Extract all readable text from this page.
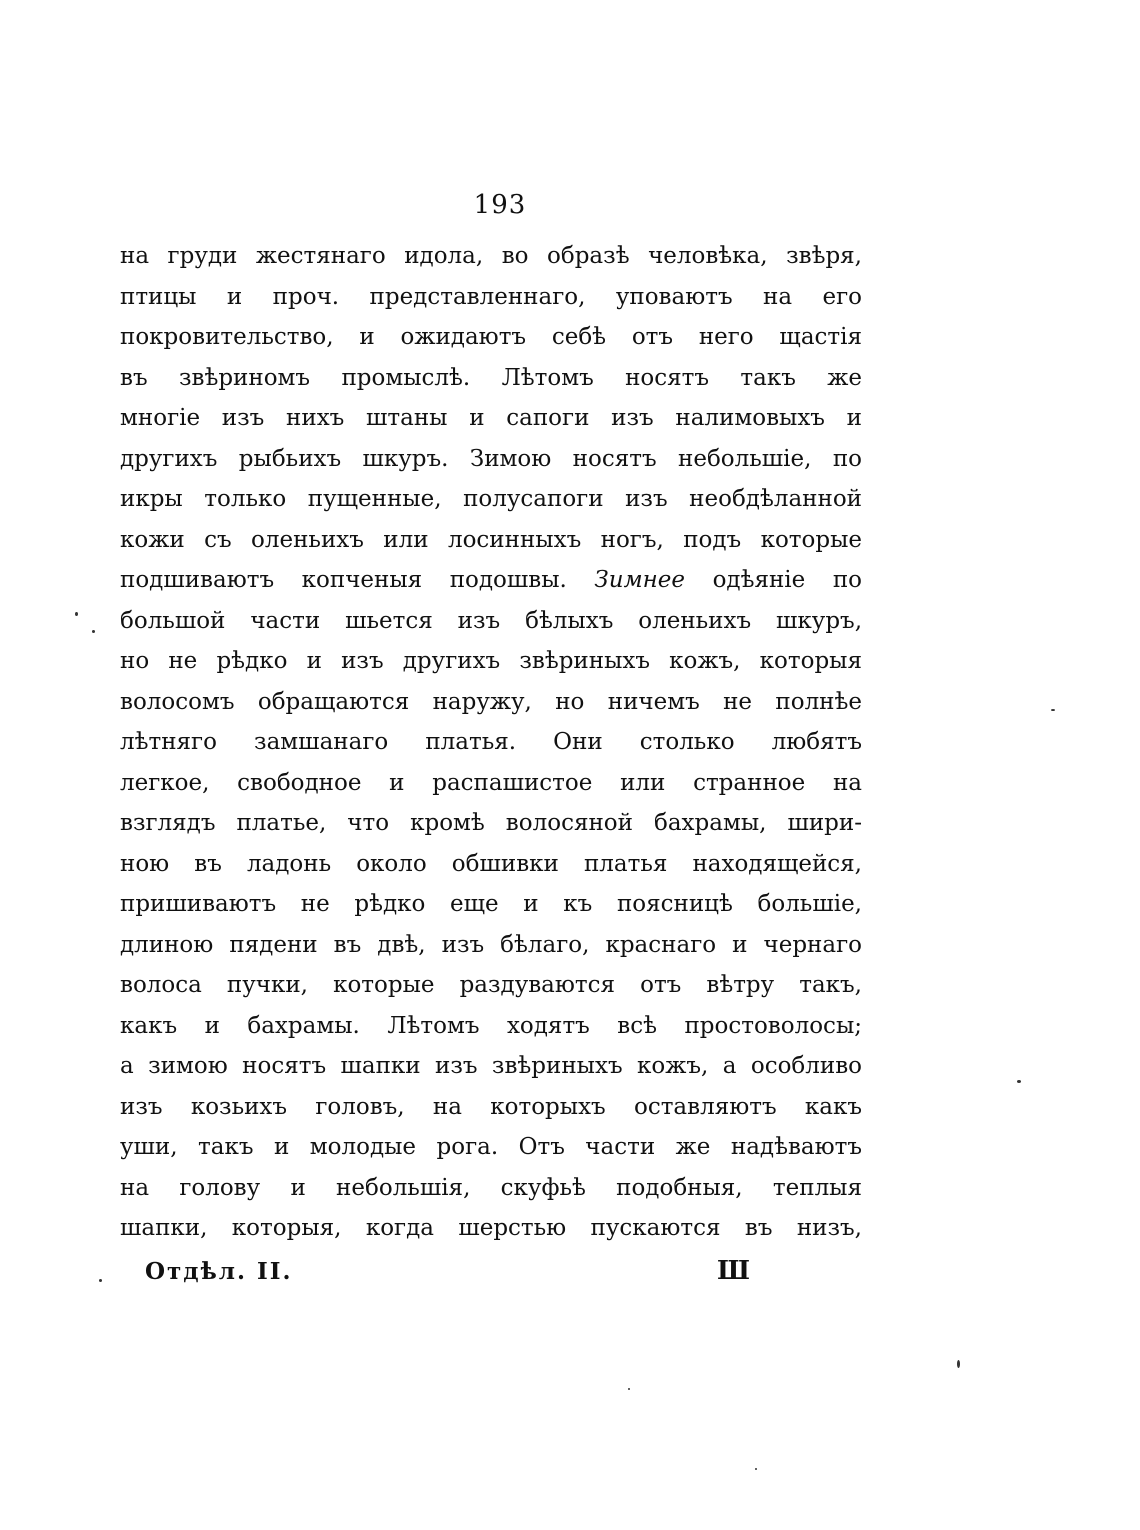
193
на груди жестянаго идола, во образѣ человѣка, звѣря,
птицы и проч. представленнаго, уповаютъ на его
покровительство, и ожидаютъ себѣ отъ него щастія
въ звѣриномъ промыслѣ. Лѣтомъ носятъ такъ же
многіе изъ нихъ штаны и сапоги изъ налимовыхъ и
другихъ рыбьихъ шкуръ. Зимою носятъ небольшіе, по
икры только пущенные, полусапоги изъ необдѣланной
кожи съ оленьихъ или лосинныхъ ногъ, подъ которые
подшиваютъ копченыя подошвы. Зимнее одѣяніе по
большой части шьется изъ бѣлыхъ оленьихъ шкуръ,
но не рѣдко и изъ другихъ звѣриныхъ кожъ, которыя
волосомъ обращаются наружу, но ничемъ не полнѣе
лѣтняго замшанаго платья. Они столько любятъ
легкое, свободное и распашистое или странное на
взглядъ платье, что кромѣ волосяной бахрамы, шири-
ною въ ладонь около обшивки платья находящейся,
пришиваютъ не рѣдко еще и къ поясницѣ большіе,
длиною пядени въ двѣ, изъ бѣлаго, краснаго и чернаго
волоса пучки, которые раздуваются отъ вѣтру такъ,
какъ и бахрамы. Лѣтомъ ходятъ всѣ простоволосы;
а зимою носятъ шапки изъ звѣриныхъ кожъ, а особливо
изъ козьихъ головъ, на которыхъ оставляютъ какъ
уши, такъ и молодые рога. Отъ части же надѣваютъ
на голову и небольшія, скуфьѣ подобныя, теплыя
шапки, которыя, когда шерстью пускаются въ низъ,
Отдѣл. II.	Ш
